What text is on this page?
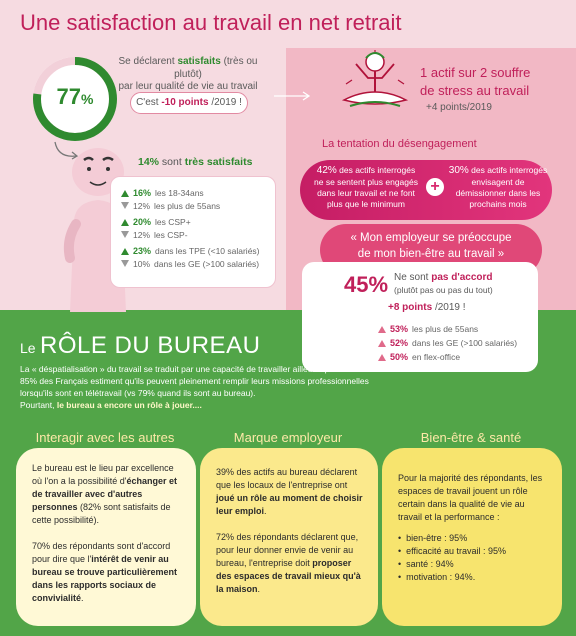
Une satisfaction au travail en net retrait
77%
Se déclarent satisfaits (très ou plutôt)
par leur qualité de vie au travail
C'est -10 points /2019 !
14% sont très satisfaits
16% les 18-34ans
12% les plus de 55ans
20% les CSP+
12% les CSP-
23% dans les TPE (<10 salariés)
10% dans les GE (>100 salariés)
1 actif sur 2 souffre
de stress au travail
+4 points/2019
La tentation du désengagement
42% des actifs interrogés ne se sentent plus engagés dans leur travail et ne font plus que le minimum
+
30% des actifs interrogés envisagent de démissionner dans les prochains mois
« Mon employeur se préoccupe
de mon bien-être au travail »
45% Ne sont pas d'accord
(plutôt pas ou pas du tout)
+8 points /2019 !
53% les plus de 55ans
52% dans les GE (>100 salariés)
50% en flex-office
Le RÔLE DU BUREAU
La « déspatialisation » du travail se traduit par une capacité de travailler ailleurs qu'au bureau : 85% des Français estiment qu'ils peuvent pleinement remplir leurs missions professionnelles lorsqu'ils sont en télétravail (vs 79% quand ils sont au bureau).
Pourtant, le bureau a encore un rôle à jouer....
Interagir avec les autres	Marque employeur	Bien-être & santé
Le bureau est le lieu par excellence où l'on a la possibilité d'échanger et de travailler avec d'autres personnes (82% sont satisfaits de cette possibilité).

70% des répondants sont d'accord pour dire que l'intérêt de venir au bureau se trouve particulièrement dans les rapports sociaux de convivialité.
39% des actifs au bureau déclarent que les locaux de l'entreprise ont joué un rôle au moment de choisir leur emploi.

72% des répondants déclarent que, pour leur donner envie de venir au bureau, l'entreprise doit proposer des espaces de travail mieux qu'à la maison.
Pour la majorité des répondants, les espaces de travail jouent un rôle certain dans la qualité de vie au travail et la performance :
•  bien-être : 95%
•  efficacité au travail : 95%
•  santé : 94%
•  motivation : 94%.
